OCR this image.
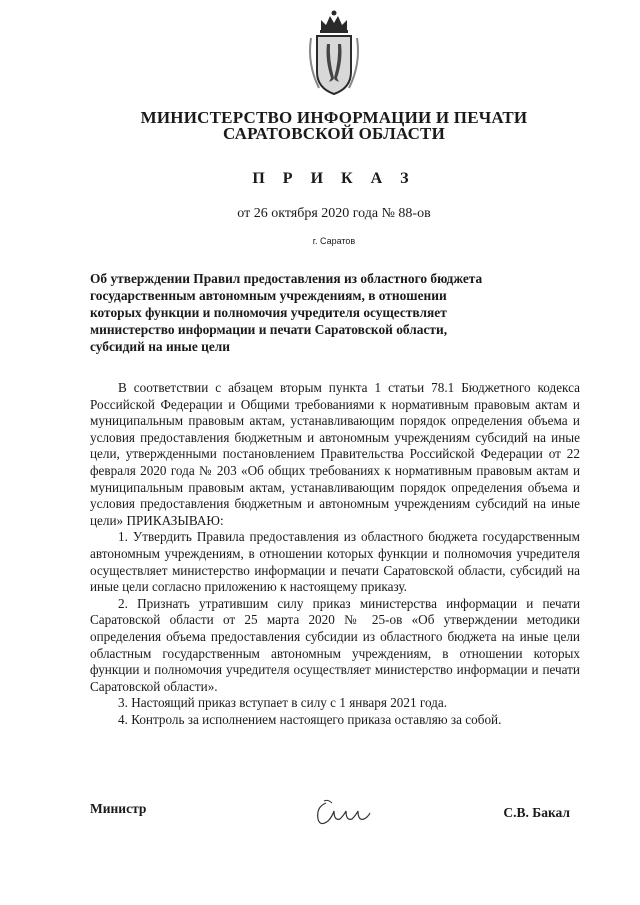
МИНИСТЕРСТВО ИНФОРМАЦИИ И ПЕЧАТИ
САРАТОВСКОЙ ОБЛАСТИ
П Р И К А З
от 26 октября 2020 года № 88-ов
г. Саратов
Об утверждении Правил предоставления из областного бюджета
государственным автономным учреждениям, в отношении
которых функции и полномочия учредителя осуществляет
министерство информации и печати Саратовской области,
субсидий на иные цели

В соответствии с абзацем вторым пункта 1 статьи 78.1 Бюджетного кодекса Российской Федерации и Общими требованиями к нормативным правовым актам и муниципальным правовым актам, устанавливающим порядок определения объема и условия предоставления бюджетным и автономным учреждениям субсидий на иные цели, утвержденными постановлением Правительства Российской Федерации от 22 февраля 2020 года № 203 «Об общих требованиях к нормативным правовым актам и муниципальным правовым актам, устанавливающим порядок определения объема и условия предоставления бюджетным и автономным учреждениям субсидий на иные цели» ПРИКАЗЫВАЮ:

1. Утвердить Правила предоставления из областного бюджета государственным автономным учреждениям, в отношении которых функции и полномочия учредителя осуществляет министерство информации и печати Саратовской области, субсидий на иные цели согласно приложению к настоящему приказу.

2. Признать утратившим силу приказ министерства информации и печати Саратовской области от 25 марта 2020 № 25-ов «Об утверждении методики определения объема предоставления субсидии из областного бюджета на иные цели областным государственным автономным учреждениям, в отношении которых функции и полномочия учредителя осуществляет министерство информации и печати Саратовской области».

3. Настоящий приказ вступает в силу с 1 января 2021 года.

4. Контроль за исполнением настоящего приказа оставляю за собой.

Министр	С.В. Бакал
